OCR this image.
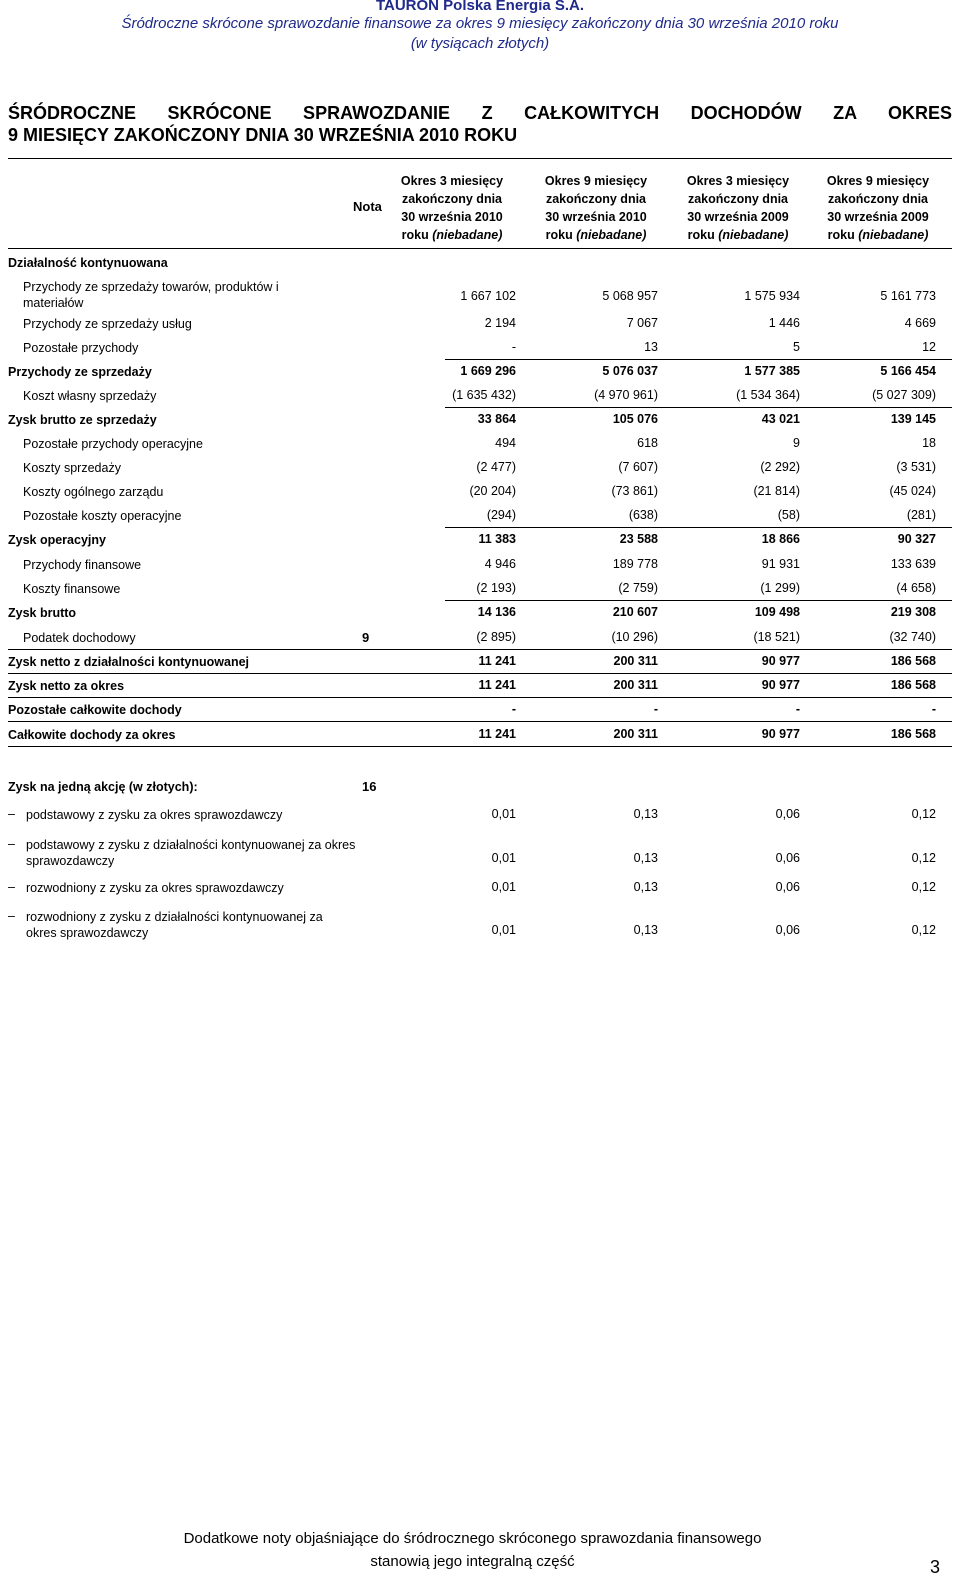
TAURON Polska Energia S.A.
Śródroczne skrócone sprawozdanie finansowe za okres 9 miesięcy zakończony dnia 30 września 2010 roku
(w tysiącach złotych)
ŚRÓDROCZNE SKRÓCONE SPRAWOZDANIE Z CAŁKOWITYCH DOCHODÓW ZA OKRES
9 MIESIĘCY ZAKOŃCZONY DNIA 30 WRZEŚNIA 2010 ROKU
Nota
Okres 3 miesięcy
zakończony dnia
30 września 2010
roku (niebadane)
Okres 9 miesięcy
zakończony dnia
30 września 2010
roku (niebadane)
Okres 3 miesięcy
zakończony dnia
30 września 2009
roku (niebadane)
Okres 9 miesięcy
zakończony dnia
30 września 2009
roku (niebadane)
Działalność kontynuowana
Przychody ze sprzedaży towarów, produktów i materiałów	1 667 102	5 068 957	1 575 934	5 161 773
Przychody ze sprzedaży usług	2 194	7 067	1 446	4 669
Pozostałe przychody	-	13	5	12
Przychody ze sprzedaży	1 669 296	5 076 037	1 577 385	5 166 454
Koszt własny sprzedaży	(1 635 432)	(4 970 961)	(1 534 364)	(5 027 309)
Zysk brutto ze sprzedaży	33 864	105 076	43 021	139 145
Pozostałe przychody operacyjne	494	618	9	18
Koszty sprzedaży	(2 477)	(7 607)	(2 292)	(3 531)
Koszty ogólnego zarządu	(20 204)	(73 861)	(21 814)	(45 024)
Pozostałe koszty operacyjne	(294)	(638)	(58)	(281)
Zysk operacyjny	11 383	23 588	18 866	90 327
Przychody finansowe	4 946	189 778	91 931	133 639
Koszty finansowe	(2 193)	(2 759)	(1 299)	(4 658)
Zysk brutto	14 136	210 607	109 498	219 308
Podatek dochodowy	9	(2 895)	(10 296)	(18 521)	(32 740)
Zysk netto z działalności kontynuowanej	11 241	200 311	90 977	186 568
Zysk netto za okres	11 241	200 311	90 977	186 568
Pozostałe całkowite dochody	-	-	-	-
Całkowite dochody za okres	11 241	200 311	90 977	186 568
Zysk na jedną akcję (w złotych):	16
– podstawowy z zysku za okres sprawozdawczy	0,01	0,13	0,06	0,12
– podstawowy z zysku z działalności kontynuowanej za okres sprawozdawczy	0,01	0,13	0,06	0,12
– rozwodniony z zysku za okres sprawozdawczy	0,01	0,13	0,06	0,12
– rozwodniony z zysku z działalności kontynuowanej za okres sprawozdawczy	0,01	0,13	0,06	0,12
Dodatkowe noty objaśniające do śródrocznego skróconego sprawozdania finansowego
stanowią jego integralną część	3
